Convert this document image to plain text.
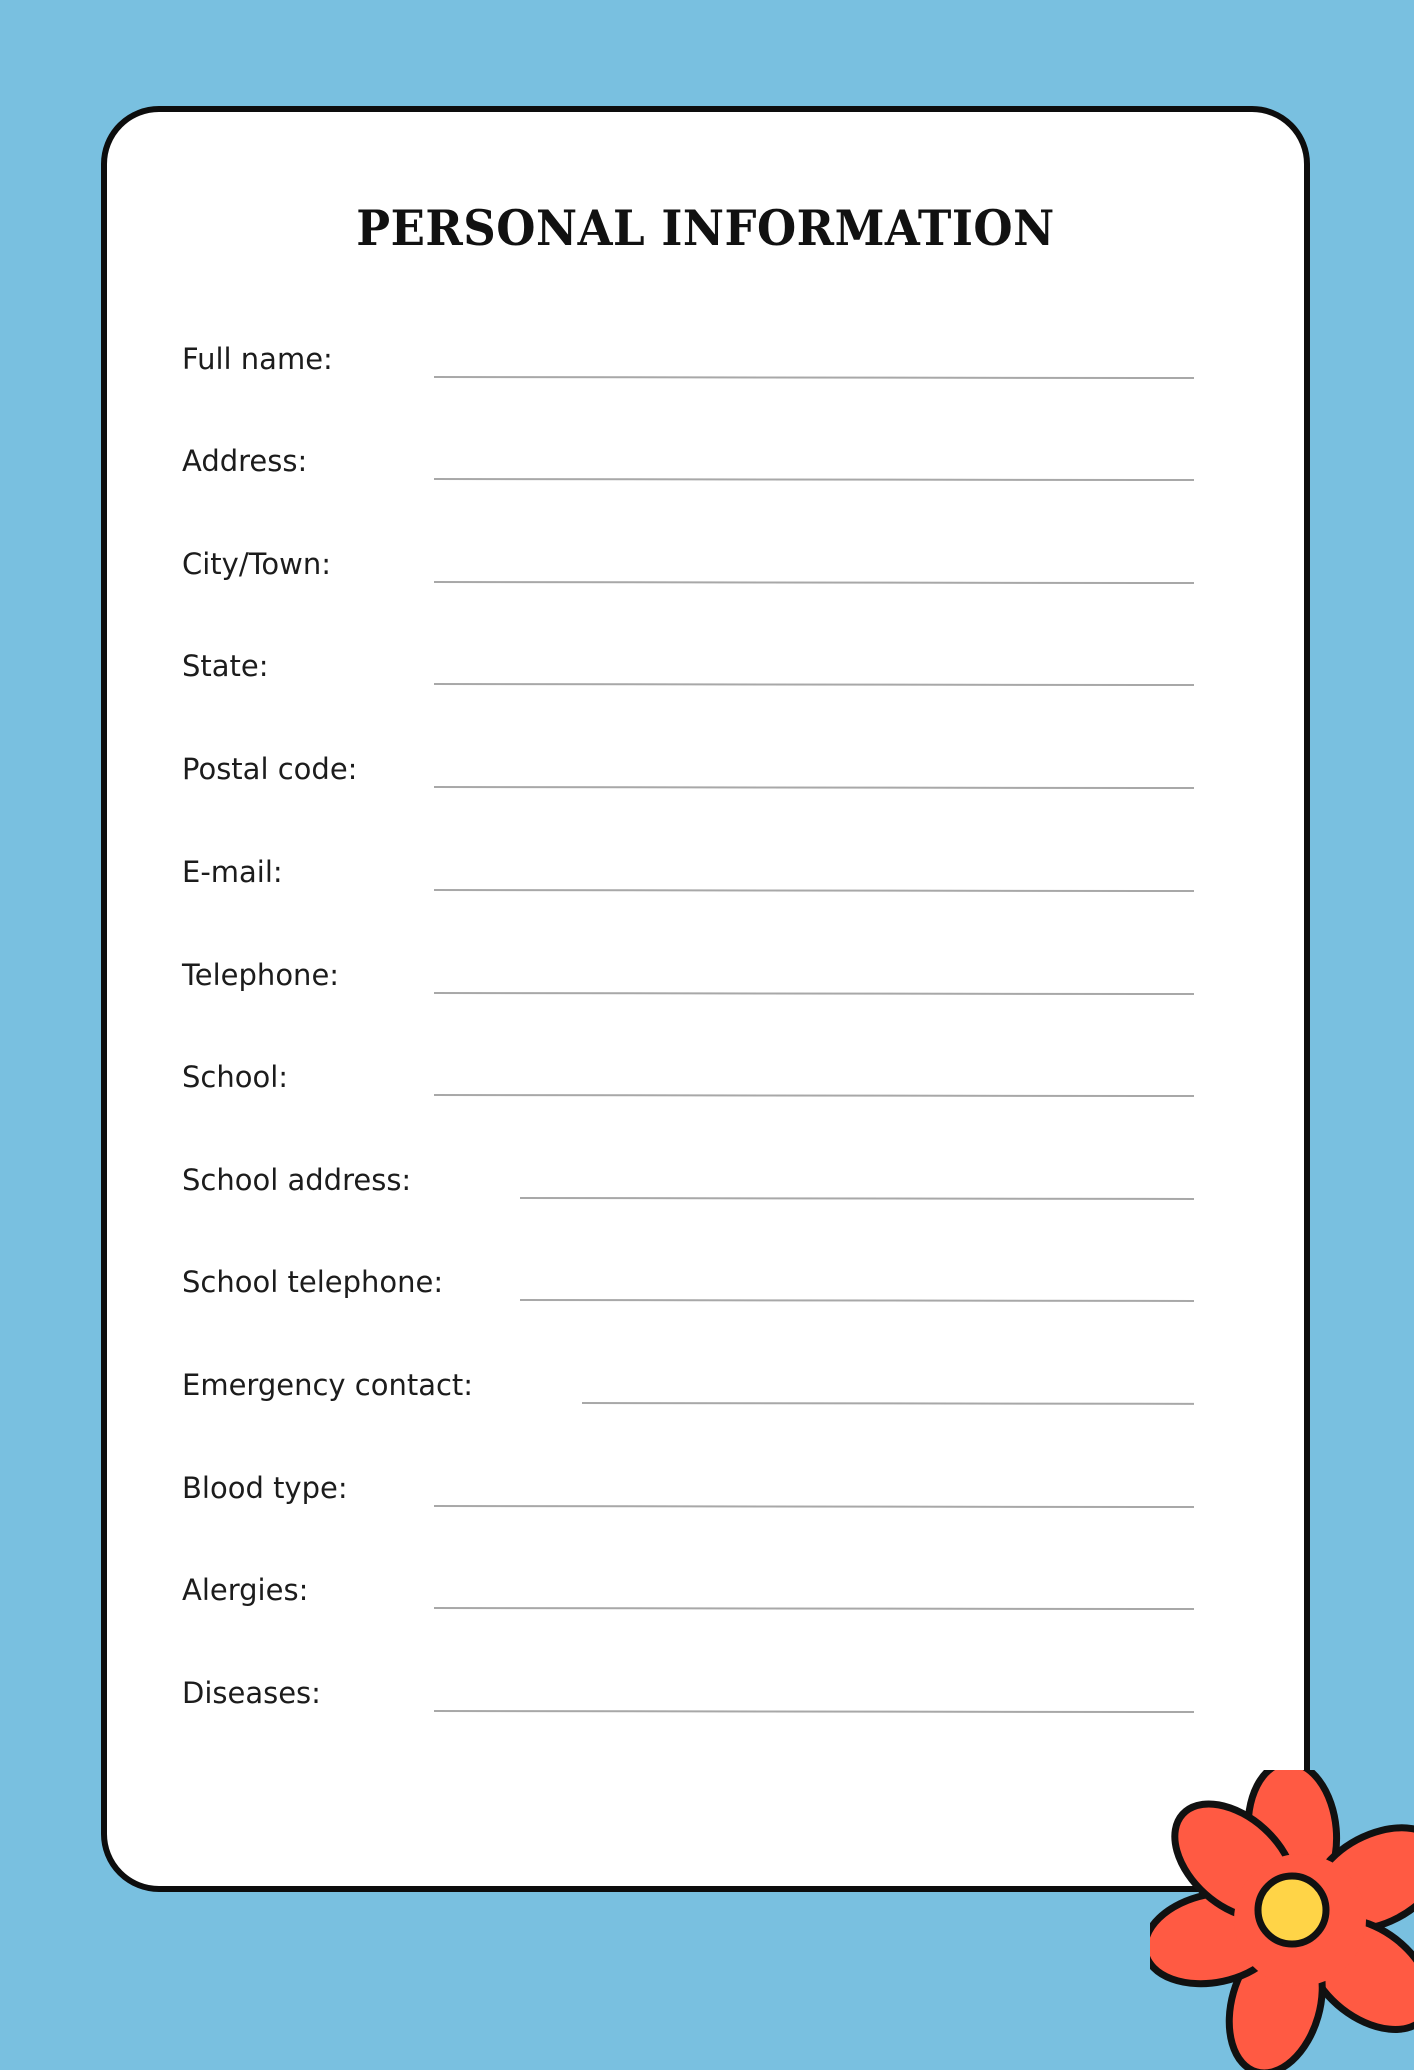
PERSONAL INFORMATION
Full name:
Address:
City/Town:
State:
Postal code:
E-mail:
Telephone:
School:
School address:
School telephone:
Emergency contact:
Blood type:
Alergies:
Diseases:
